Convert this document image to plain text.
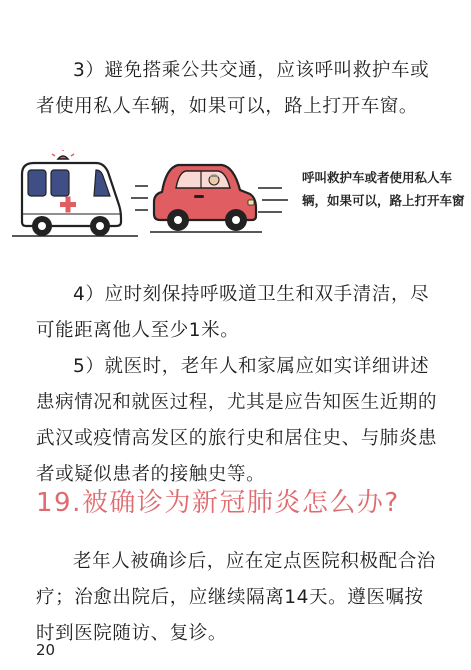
3）避免搭乘公共交通，应该呼叫救护车或者使用私人车辆，如果可以，路上打开车窗。

呼叫救护车或者使用私人车辆，如果可以，路上打开车窗

4）应时刻保持呼吸道卫生和双手清洁，尽可能距离他人至少1米。

5）就医时，老年人和家属应如实详细讲述患病情况和就医过程，尤其是应告知医生近期的武汉或疫情高发区的旅行史和居住史、与肺炎患者或疑似患者的接触史等。

19.被确诊为新冠肺炎怎么办?

老年人被确诊后，应在定点医院积极配合治疗；治愈出院后，应继续隔离14天。遵医嘱按时到医院随访、复诊。

20
